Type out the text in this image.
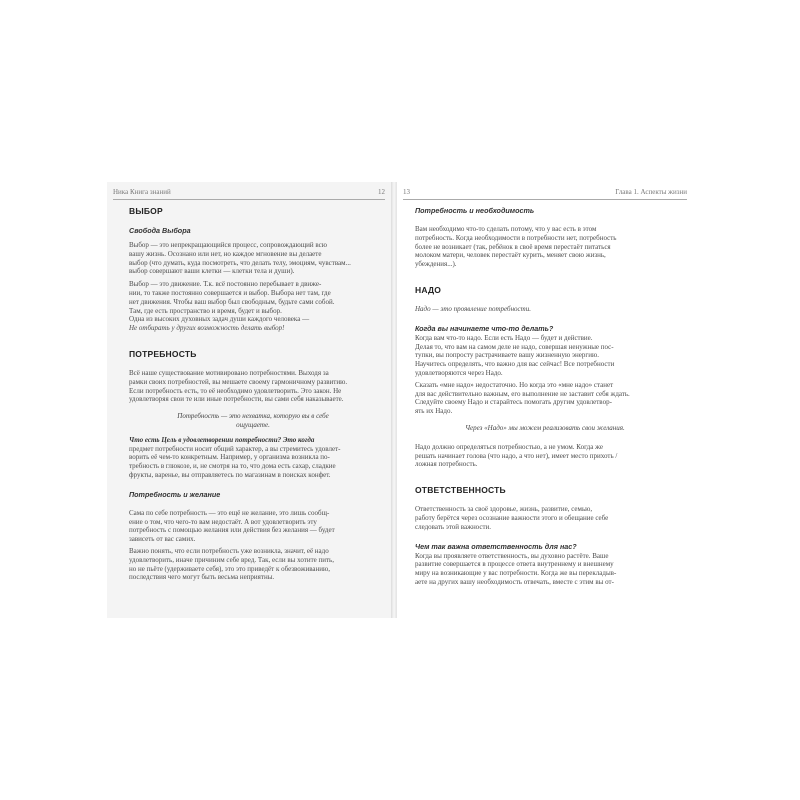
Ника Книга знаний	12
ВЫБОР
Свобода Выбора

Выбор — это непрекращающийся процесс, сопровождающий всю

вашу жизнь. Осознано или нет, но каждое мгновение вы делаете

выбор (что думать, куда посмотреть, что делать телу, эмоциям, чувствам...

выбор совершают ваши клетки — клетки тела и души).

Выбор — это движение. Т.к. всё постоянно перебывает в движе-

нии, то также постоянно совершается и выбор. Выбора нет там, где

нет движения. Чтобы ваш выбор был свободным, будьте сами собой.

Там, где есть пространство и время, будет и выбор.

Одна из высоких духовных задач души каждого человека —

Не отбирать у других возможность делать выбор!

ПОТРЕБНОСТЬ

Всё наше существование мотивировано потребностями. Выходя за

рамки своих потребностей, вы мешаете своему гармоничному развитию.

Если потребность есть, то её необходимо удовлетворить. Это закон. Не

удовлетворяя свои те или иные потребности, вы сами себя наказываете.

Потребность — это нехватка, которую вы в себе
ощущаете.

Что есть Цель в удовлетворении потребности? Это когда

предмет потребности носит общий характер, а вы стремитесь удовлет-

ворить её чем-то конкретным. Например, у организма возникла по-

требность в глюкозе, и, не смотря на то, что дома есть сахар, сладкие

фрукты, варенье, вы отправляетесь по магазинам в поисках конфет.

Потребность и желание

Сама по себе потребность — это ещё не желание, это лишь сообщ-

ение о том, что чего-то вам недостаёт. А вот удовлетворить эту

потребность с помощью желания или действия без желания — будет

зависеть от вас самих.

Важно понять, что если потребность уже возникла, значит, её надо

удовлетворить, иначе причиним себе вред. Так, если вы хотите пить,

но не пьёте (удерживаете себя), это это приведёт к обезвоживанию,

последствия чего могут быть весьма неприятны.

13	Глава 1. Аспекты жизни
Потребность и необходимость

Вам необходимо что-то сделать потому, что у вас есть в этом

потребность. Когда необходимости в потребности нет, потребность

более не возникает (так, ребёнок в своё время перестаёт питаться

молоком матери, человек перестаёт курить, меняет свою жизнь,

убеждения...).

НАДО

Надо — это проявление потребности.

Когда вы начинаете что-то делать?

Когда вам что-то надо. Если есть Надо — будет и действие.

Делая то, что вам на самом деле не надо, совершая ненужные пос-

тупки, вы попросту растрачиваете вашу жизненную энергию.

Научитесь определять, что важно для вас сейчас! Все потребности

удовлетворяются через Надо.

Сказать «мне надо» недостаточно. Но когда это «мне надо» станет

для вас действительно важным, его выполнение не заставит себя ждать.

Следуйте своему Надо и старайтесь помогать другим удовлетвор-

ять их Надо.

Через «Надо» мы можем реализовать свои желания.

Надо должно определяться потребностью, а не умом. Когда же

решать начинает голова (что надо, а что нет), имеет место прихоть /

ложная потребность.

ОТВЕТСТВЕННОСТЬ

Ответственность за своё здоровье, жизнь, развитие, семью,

работу берётся через осознание важности этого и обещание себе

следовать этой важности.

Чем так важна ответственность для нас?

Когда вы проявляете ответственность, вы духовно растёте. Ваше

развитие совершается в процессе ответа внутреннему и внешнему

миру на возникающие у вас потребности. Когда же вы перекладыв-

аете на других вашу необходимость отвечать, вместе с этим вы от-
